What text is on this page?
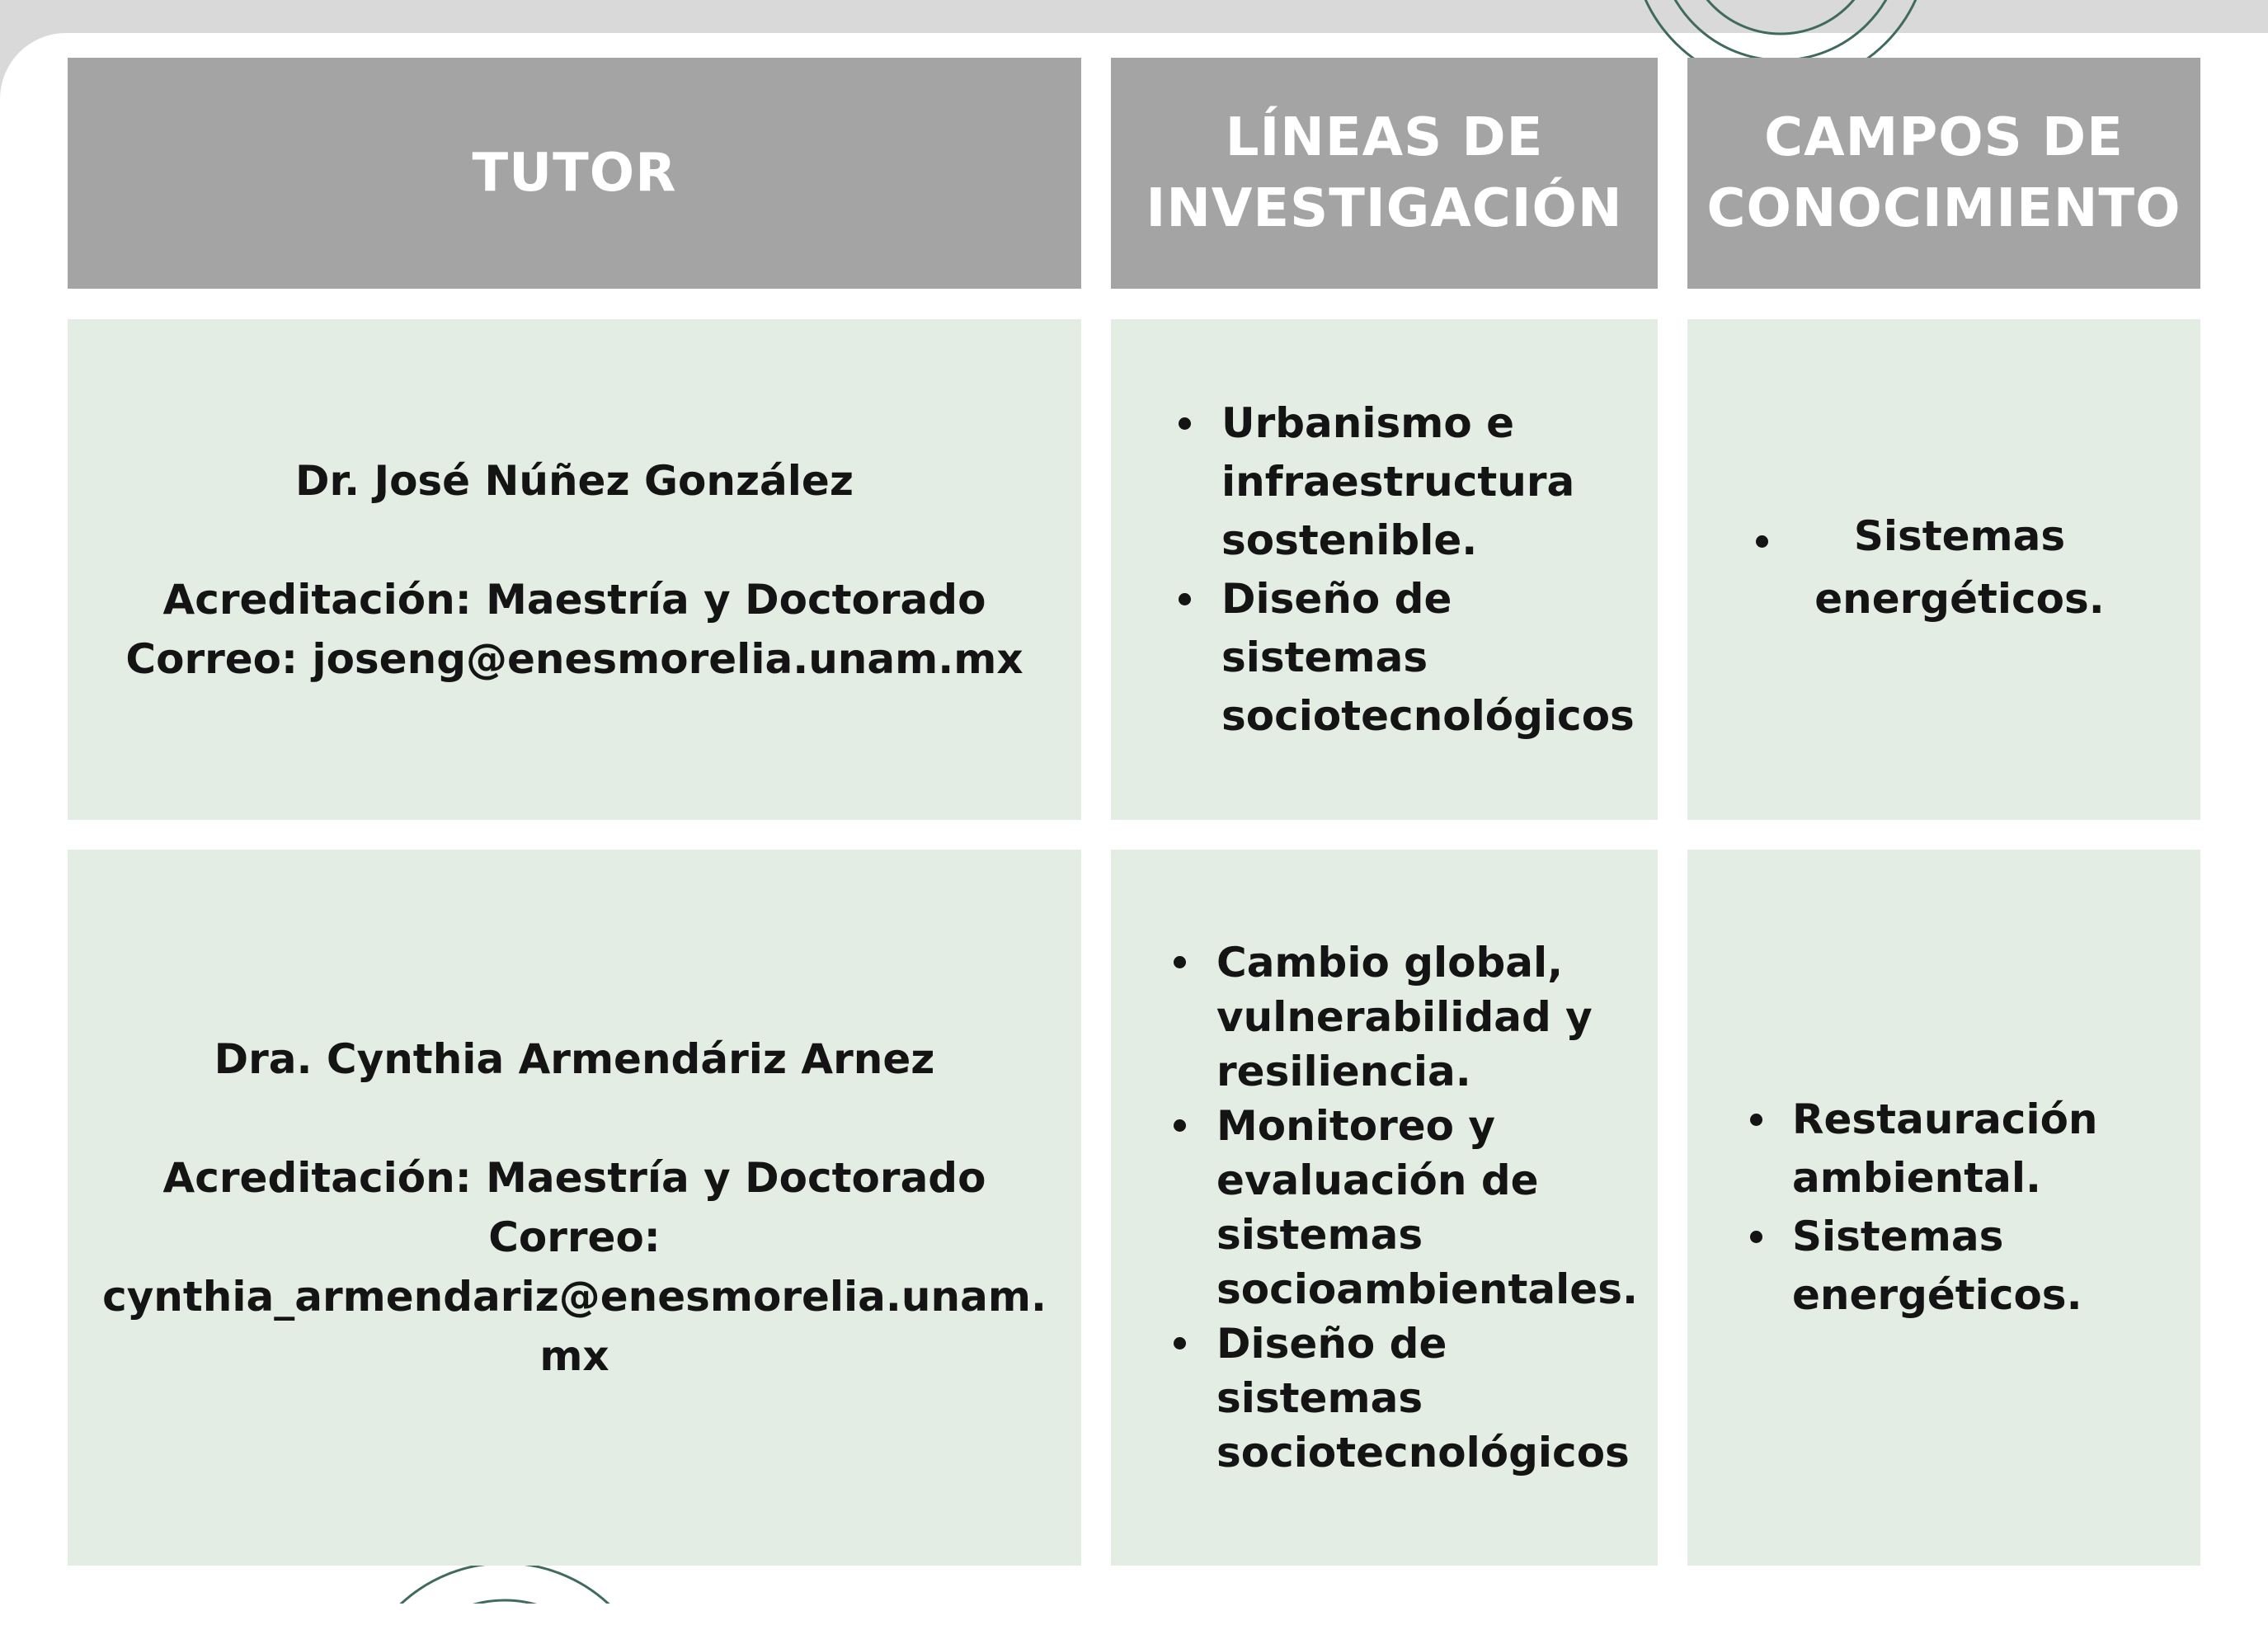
TUTOR
LÍNEAS DE
INVESTIGACIÓN
CAMPOS DE
CONOCIMIENTO

Dr. José Núñez González

Acreditación: Maestría y Doctorado

Correo: joseng@enesmorelia.unam.mx

Urbanismo e
infraestructura
sostenible.
Diseño de
sistemas
sociotecnológicos
Sistemas
energéticos.

Dra. Cynthia Armendáriz Arnez

Acreditación: Maestría y Doctorado

Correo:

cynthia_armendariz@enesmorelia.unam.

mx

Cambio global,
vulnerabilidad y
resiliencia.
Monitoreo y
evaluación de
sistemas
socioambientales.
Diseño de sistemas
sociotecnológicos
Restauración
ambiental.
Sistemas
energéticos.
